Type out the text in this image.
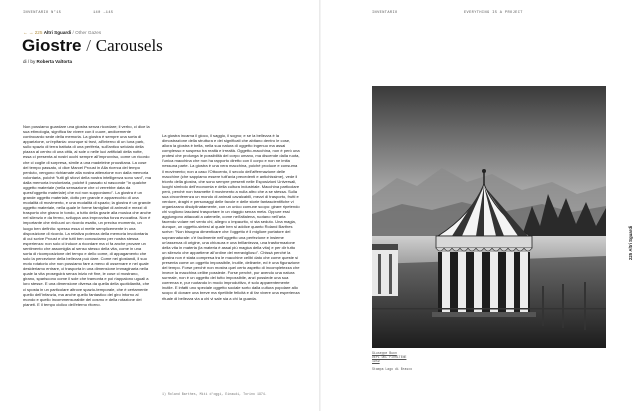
INVENTARIO N°15	140 →145	INVENTARIO	EVERYTHING IS A PROJECT
← → 225 Altri Sguardi / Other Gazes
Giostre / Carousels
di / by Roberta Valtorta
Non possiamo guardare una giostra senza ricordare; il verbo, ci dice la sua etimologia, significa far vivere con il cuore, andicemente controcardo sede della memoria. La giostra è sempre una sorta di apparizione, un'epifania: ovunque si trovi, all'interno di un luna park, sullo spazio di terra battuta di una periferia, sull'antico selciato della piazza al centro di una città, al sole o nelle luci artificiali della notte, essa ci presenta ai nostri occhi sempre all'improvviso, come un ricordo che ci coglie di sorpresa, simile a una madeleine proustiana. La cose del tempo passato, ci dice Marcel Proust in Alla ricerca del tempo perduto, vengono richiamate alla nostra attenzione non dalla memoria volontaria, poiché "tutti gli sforzi della nostra intelligenza sono vani", ma dalla memoria involontaria, poiché il passato si nasconde "in qualche oggetto materiale (nella sensazione che ci verrebbe data da quest'oggetto materiale) che noi non supponiamo". La giostra è un grande oggetto materiale, dotto per grande e apparecchio di una modalità di movimento, e una modalità di spazio; la giostra è un grande oggetto materiale, nella quale le forme famigliari di animali e mezzi di trasporto che girano in tondo, a tutto della grazie alla musica che anche nel silenzio e da fermo, sviluppa una improvvisa forza evocativa. Non è importante che riniluuni un ricordo esatto, un preciso momento, un luogo ben definito: spesso essa ci mette semplicemente in una disposizione di ricordo. La relativa potenza della memoria involontaria di cui scrive Proust e che tutti ben conosciamo per nostra stessa esperienza: non solo ci induce a ricordare ma ci fa anche provare un sentimento che assomiglia al senso stesso della vita, come in una sorta di ricomposizione del tempo e dello come, di appagamento che solo la percezione della bellezza può dare. Come nei giostandi, il suo moto rotatorio che non possiamo fare a meno di osservare e nel quale desideriamo entrare, ci trasporta in una dimensione immaginaria nella quale la vita proseguirà senza inizio né fine, le cose ci mostrano, girano, spariscono come il sole che tramonta e poi riappaiono uguali a loro stesse. E una dimensione diversa da quella della quotidianità, che ci sposta in un particolare altrove spazio-temporale, che è certamente quello dell'infanzia, ma anche quello fantastico del giro intorno al mondo e quello incommensurabile del cosmo e della rotazione dei pianeti. E il tempo ciclico dell'eterno ritorno.
La giostra incarna il gioco, il saggio, il sogno; e se la bellezza è la dimostrazione della struttura e dei significati che abitano dentro le cose, allora la giostra è bella, nella sua natura di oggetto ingenuo ma assai complesso e sospeso tra realtà e irrealtà. Oggetto-macchina, non è però una protesi che prolunga le possibilità del corpo umano, ma discende dalla ruota, l'unica macchina che non ha rapporto diretto con il corpo e non ne imita nessuna parte. La giostra è una vera macchina, poiché produce e consuma il movimento; non a caso l'Ottocento, il secolo dell'affermazione delle macchine (che sappiamo essere tutt'avia precedenti e antichissime), vede il trionfo della giostra, che sono sempre presenti nelle Esposizioni Universali, luoghi simbolo dell'economia e della cultura industriale. Macchina particolare però, perché non trasmette il movimento a nulla altro che a se stessa. Sulla sua circonferenza un mondo di animali cavalcabili, mezzi di trasporto, frutti e verdure, draghi e personaggi delle favole e delle storie fantascientifiche vi organizzano disciplinatamente, con un unico comune scopo: girare ripetendo chi vogliono lasciarsi trasportare in un viaggio senza meta. Oppure essi aggiungono attaccati a catenelle, come nell'altalena, ruotano nell'aria facendo volare nel vento chi, allegro o impaurito, vi sta seduto. Una magia, dunque, un oggetto-sintesi al quale ben si addice quanto Roland Barthes scrive: "Non bisogna dimenticare che l'oggetto è il migliore portatore del soprannaturale: c'è facilmente nell'oggetto una perfezione e insieme un'assenza di origine, una chiusura e una brillantezza, una trasformazione della vita in materia (la materia è assai più magica della vita) e per dir tutto un silenzio che appartiene all'ordine del meraviglioso". Chissà perché la giostra non è stata compresa tra le macchine celibi dato che come queste si presenta come un oggetto impossibile, inutile, delirante, ed è una figurazione del tempo. Forse perché non mostra quel certo aspetto di incompletezza che invece la macchina celibe possiede. Forse perché, pur avendo una natura surreale, non è un oggetto del tutto impossibile, anzi possiede una sua coerenza e, pur ruotando in modo improduttivo, è solo apparentemente inutile. E infatti uno speciale oggetto sociale sorto dalla cultura popolare allo scopo di donare una breve ma ripetibile felicità e di far vivere una esperienza rituale di bellezza via a chi vi sale sia a chi la guarda.
1) Roland Barthes, Miti d'oggi, Einaudi, Torino 1974.
Giuseppe Buon
DEPI DEL FIORITENE
1959
Stampa Lago di Brasco
225 Altri Sguardi
